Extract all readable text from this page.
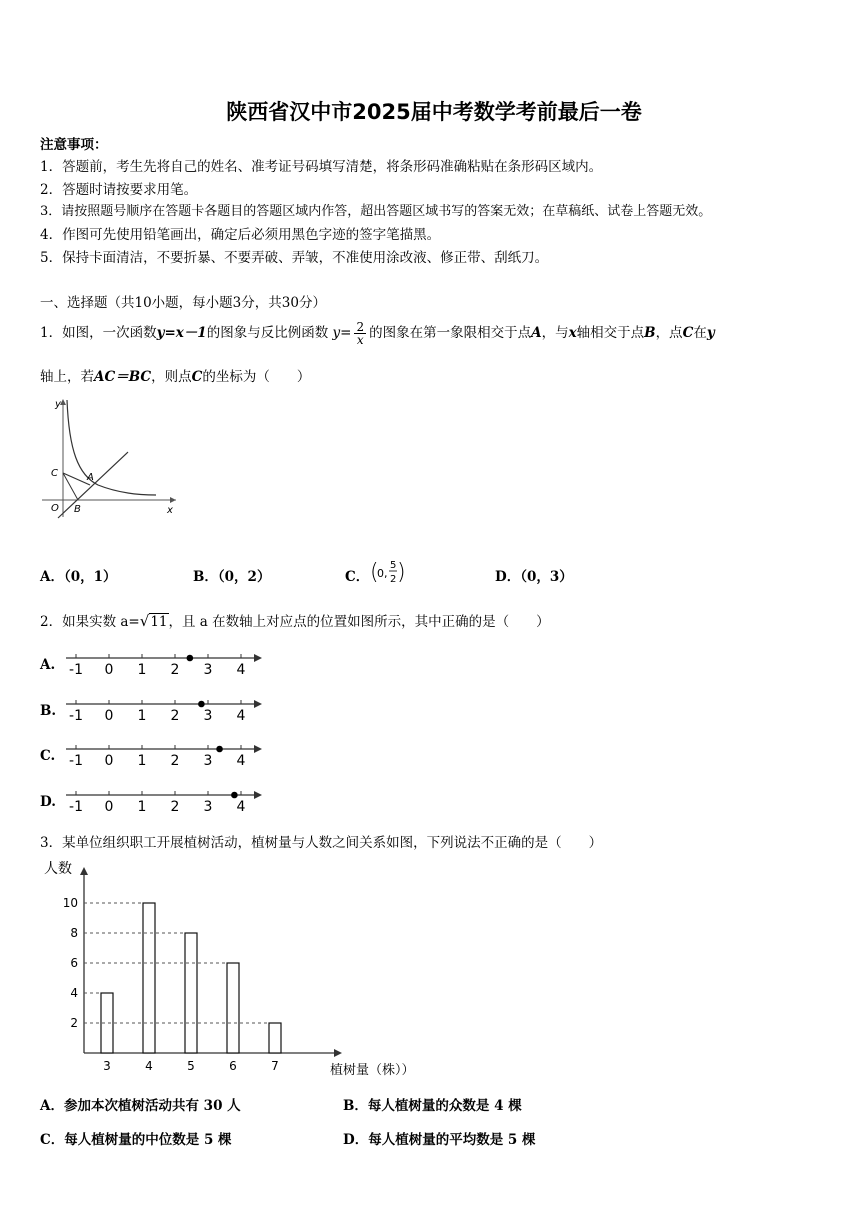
陕西省汉中市2025届中考数学考前最后一卷
注意事项：
1．答题前，考生先将自己的姓名、准考证号码填写清楚，将条形码准确粘贴在条形码区域内。
2．答题时请按要求用笔。
3．请按照题号顺序在答题卡各题目的答题区域内作答，超出答题区域书写的答案无效；在草稿纸、试卷上答题无效。
4．作图可先使用铅笔画出，确定后必须用黑色字迹的签字笔描黑。
5．保持卡面清洁，不要折暴、不要弄破、弄皱，不准使用涂改液、修正带、刮纸刀。
一、选择题（共10小题，每小题3分，共30分）
1．如图，一次函数y=x－1的图象与反比例函数 $y= \frac{2}{x}$ 的图象在第一象限相交于点A，与x轴相交于点B，点C在y
轴上，若AC＝BC，则点C的坐标为（　　）
y
x
O B
C	A
A．（0，1）	B．（0，2）	C． (
0,
5
2 )	D．（0，3）
2．如果实数 a=√11，且 a 在数轴上对应点的位置如图所示，其中正确的是（　　）
A. -1 0 1 2 3 4
B. -1 0 1 2 3 4
C. -1 0 1 2 3 4
D. -1 0 1 2 3 4
3．某单位组织职工开展植树活动，植树量与人数之间关系如图，下列说法不正确的是（　　）
人数
植树量（株））
3	4	5	6	7
2
4
6
8
10
A．参加本次植树活动共有 30 人	B．每人植树量的众数是 4 棵
C．每人植树量的中位数是 5 棵	D．每人植树量的平均数是 5 棵
